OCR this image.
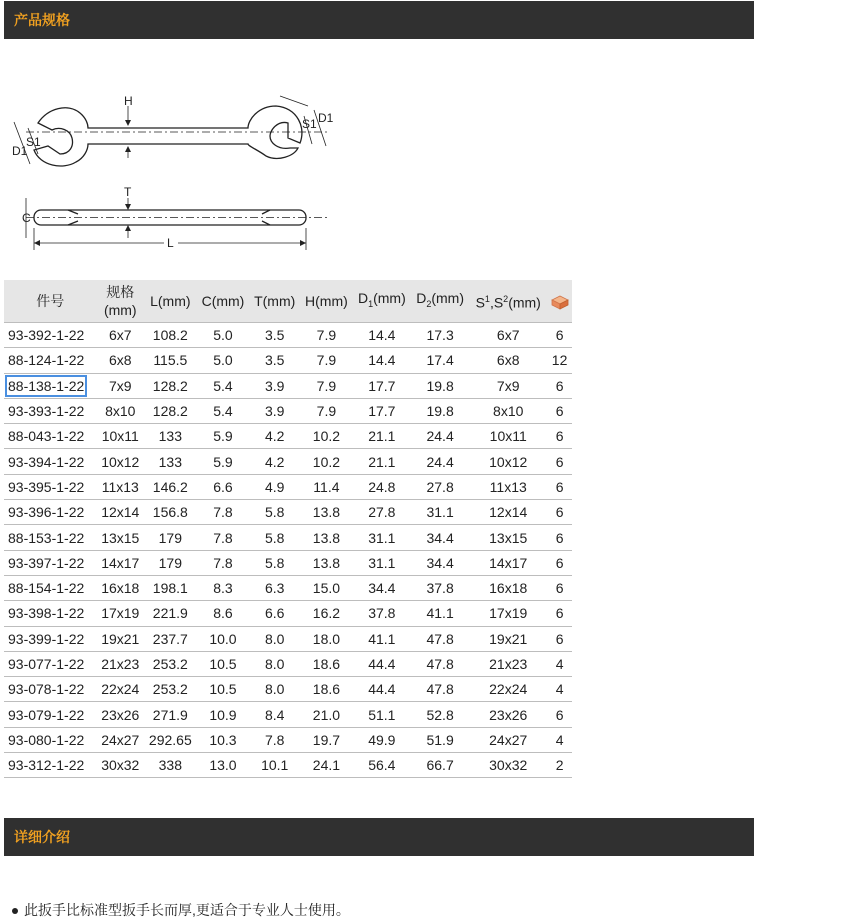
产品规格
H
S1
D1
S1 D1
T
C
L
件号	规格
(mm)	L(mm)	C(mm)	T(mm)	H(mm)	$D_1(mm)$	$D_2(mm)$	$S^1,S^2(mm)$	
93-392-1-22	6x7	108.2	5.0	3.5	7.9	14.4	17.3	6x7	6
88-124-1-22	6x8	115.5	5.0	3.5	7.9	14.4	17.4	6x8	12
88-138-1-22	7x9	128.2	5.4	3.9	7.9	17.7	19.8	7x9	6
93-393-1-22	8x10	128.2	5.4	3.9	7.9	17.7	19.8	8x10	6
88-043-1-22	10x11	133	5.9	4.2	10.2	21.1	24.4	10x11	6
93-394-1-22	10x12	133	5.9	4.2	10.2	21.1	24.4	10x12	6
93-395-1-22	11x13	146.2	6.6	4.9	11.4	24.8	27.8	11x13	6
93-396-1-22	12x14	156.8	7.8	5.8	13.8	27.8	31.1	12x14	6
88-153-1-22	13x15	179	7.8	5.8	13.8	31.1	34.4	13x15	6
93-397-1-22	14x17	179	7.8	5.8	13.8	31.1	34.4	14x17	6
88-154-1-22	16x18	198.1	8.3	6.3	15.0	34.4	37.8	16x18	6
93-398-1-22	17x19	221.9	8.6	6.6	16.2	37.8	41.1	17x19	6
93-399-1-22	19x21	237.7	10.0	8.0	18.0	41.1	47.8	19x21	6
93-077-1-22	21x23	253.2	10.5	8.0	18.6	44.4	47.8	21x23	4
93-078-1-22	22x24	253.2	10.5	8.0	18.6	44.4	47.8	22x24	4
93-079-1-22	23x26	271.9	10.9	8.4	21.0	51.1	52.8	23x26	6
93-080-1-22	24x27	292.65	10.3	7.8	19.7	49.9	51.9	24x27	4
93-312-1-22	30x32	338	13.0	10.1	24.1	56.4	66.7	30x32	2
详细介绍
此扳手比标准型扳手长而厚,更适合于专业人士使用。
